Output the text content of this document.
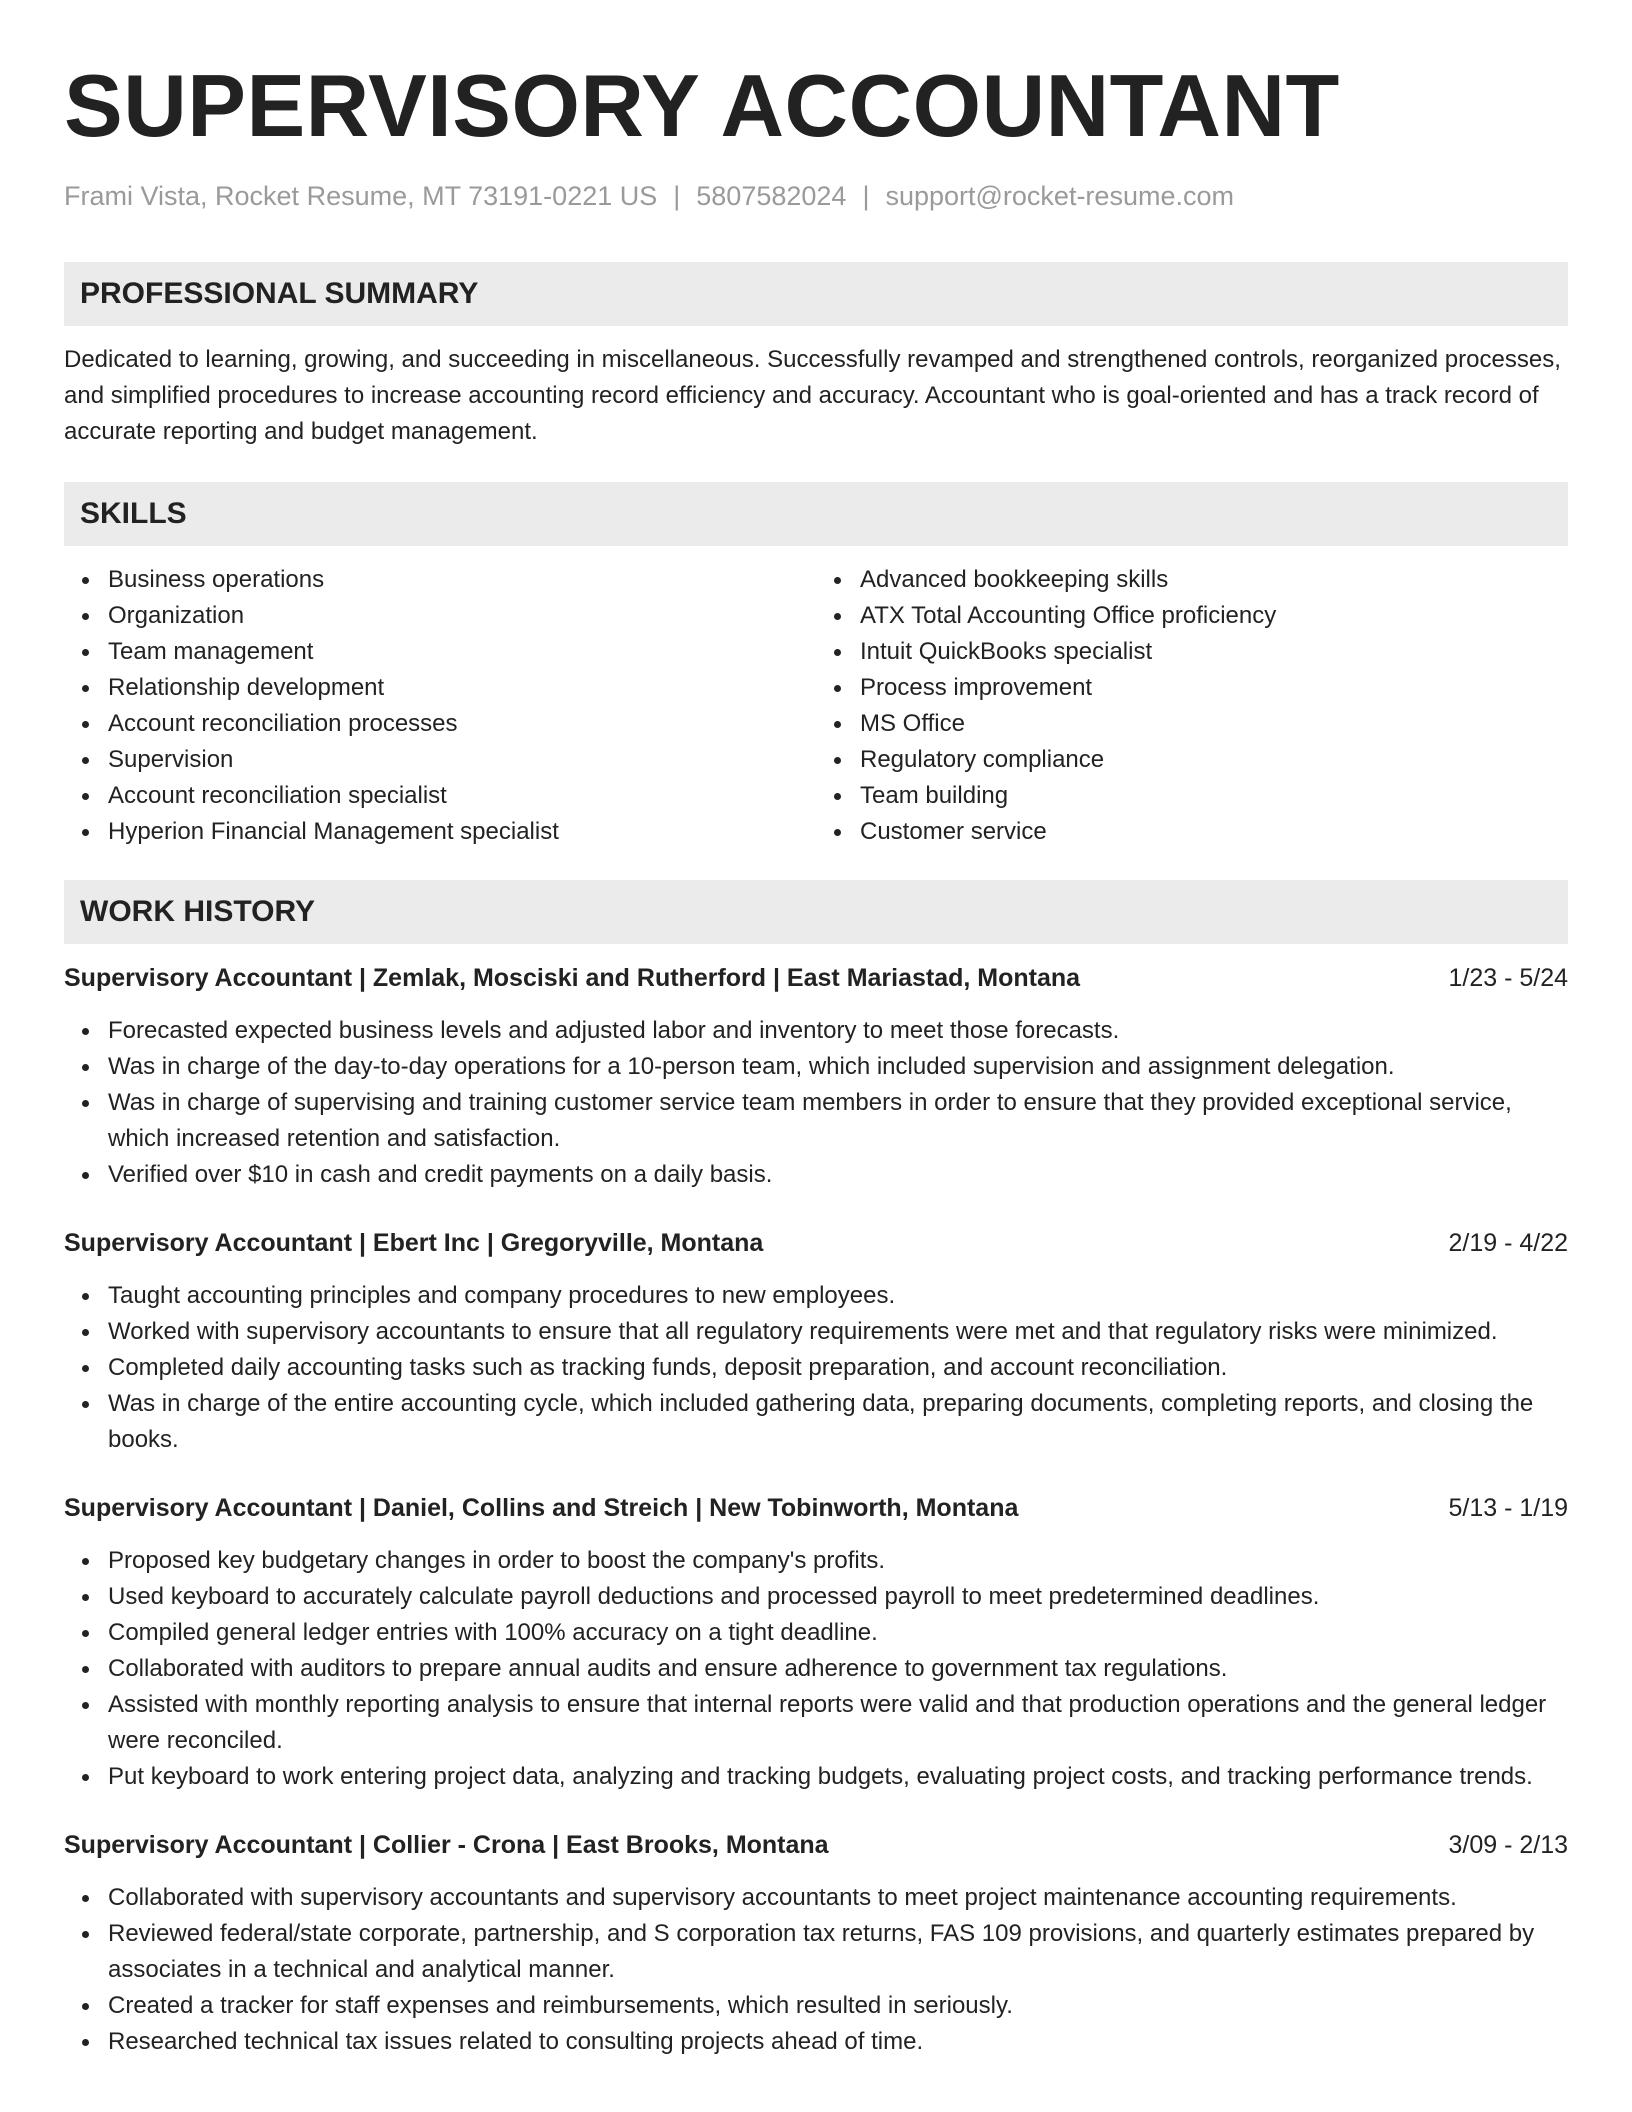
SUPERVISORY ACCOUNTANT
Frami Vista, Rocket Resume, MT 73191-0221 US | 5807582024 | support@rocket-resume.com
PROFESSIONAL SUMMARY

Dedicated to learning, growing, and succeeding in miscellaneous. Successfully revamped and strengthened controls, reorganized processes, and simplified procedures to increase accounting record efficiency and accuracy. Accountant who is goal-oriented and has a track record of accurate reporting and budget management.

SKILLS
Business operations
Organization
Team management
Relationship development
Account reconciliation processes
Supervision
Account reconciliation specialist
Hyperion Financial Management specialist
Advanced bookkeeping skills
ATX Total Accounting Office proficiency
Intuit QuickBooks specialist
Process improvement
MS Office
Regulatory compliance
Team building
Customer service
WORK HISTORY
Supervisory Accountant | Zemlak, Mosciski and Rutherford | East Mariastad, Montana	1/23 - 5/24
Forecasted expected business levels and adjusted labor and inventory to meet those forecasts.
Was in charge of the day-to-day operations for a 10-person team, which included supervision and assignment delegation.
Was in charge of supervising and training customer service team members in order to ensure that they provided exceptional service, which increased retention and satisfaction.
Verified over $10 in cash and credit payments on a daily basis.
Supervisory Accountant | Ebert Inc | Gregoryville, Montana	2/19 - 4/22
Taught accounting principles and company procedures to new employees.
Worked with supervisory accountants to ensure that all regulatory requirements were met and that regulatory risks were minimized.
Completed daily accounting tasks such as tracking funds, deposit preparation, and account reconciliation.
Was in charge of the entire accounting cycle, which included gathering data, preparing documents, completing reports, and closing the books.
Supervisory Accountant | Daniel, Collins and Streich | New Tobinworth, Montana	5/13 - 1/19
Proposed key budgetary changes in order to boost the company's profits.
Used keyboard to accurately calculate payroll deductions and processed payroll to meet predetermined deadlines.
Compiled general ledger entries with 100% accuracy on a tight deadline.
Collaborated with auditors to prepare annual audits and ensure adherence to government tax regulations.
Assisted with monthly reporting analysis to ensure that internal reports were valid and that production operations and the general ledger were reconciled.
Put keyboard to work entering project data, analyzing and tracking budgets, evaluating project costs, and tracking performance trends.
Supervisory Accountant | Collier - Crona | East Brooks, Montana	3/09 - 2/13
Collaborated with supervisory accountants and supervisory accountants to meet project maintenance accounting requirements.
Reviewed federal/state corporate, partnership, and S corporation tax returns, FAS 109 provisions, and quarterly estimates prepared by associates in a technical and analytical manner.
Created a tracker for staff expenses and reimbursements, which resulted in seriously.
Researched technical tax issues related to consulting projects ahead of time.
